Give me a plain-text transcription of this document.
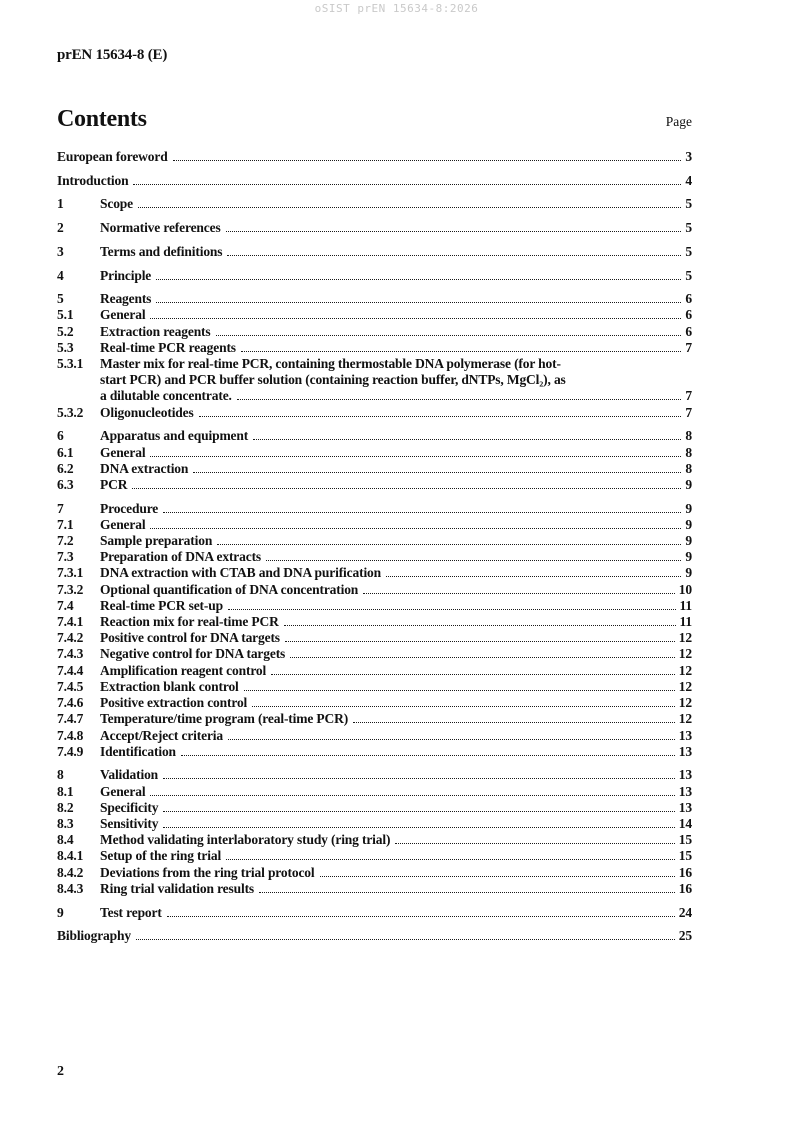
oSIST prEN 15634-8:2026
prEN 15634-8 (E)
Contents	Page
European foreword	3
Introduction	4
1	Scope	5
2	Normative references	5
3	Terms and definitions	5
4	Principle	5
5	Reagents	6
5.1	General	6
5.2	Extraction reagents	6
5.3	Real-time PCR reagents	7
5.3.1	Master mix for real-time PCR, containing thermostable DNA polymerase (for hot-
start PCR) and PCR buffer solution (containing reaction buffer, dNTPs, MgCl₂), as
a dilutable concentrate.	7
5.3.2	Oligonucleotides	7
6	Apparatus and equipment	8
6.1	General	8
6.2	DNA extraction	8
6.3	PCR	9
7	Procedure	9
7.1	General	9
7.2	Sample preparation	9
7.3	Preparation of DNA extracts	9
7.3.1	DNA extraction with CTAB and DNA purification	9
7.3.2	Optional quantification of DNA concentration	10
7.4	Real-time PCR set-up	11
7.4.1	Reaction mix for real-time PCR	11
7.4.2	Positive control for DNA targets	12
7.4.3	Negative control for DNA targets	12
7.4.4	Amplification reagent control	12
7.4.5	Extraction blank control	12
7.4.6	Positive extraction control	12
7.4.7	Temperature/time program (real-time PCR)	12
7.4.8	Accept/Reject criteria	13
7.4.9	Identification	13
8	Validation	13
8.1	General	13
8.2	Specificity	13
8.3	Sensitivity	14
8.4	Method validating interlaboratory study (ring trial)	15
8.4.1	Setup of the ring trial	15
8.4.2	Deviations from the ring trial protocol	16
8.4.3	Ring trial validation results	16
9	Test report	24
Bibliography	25
2
